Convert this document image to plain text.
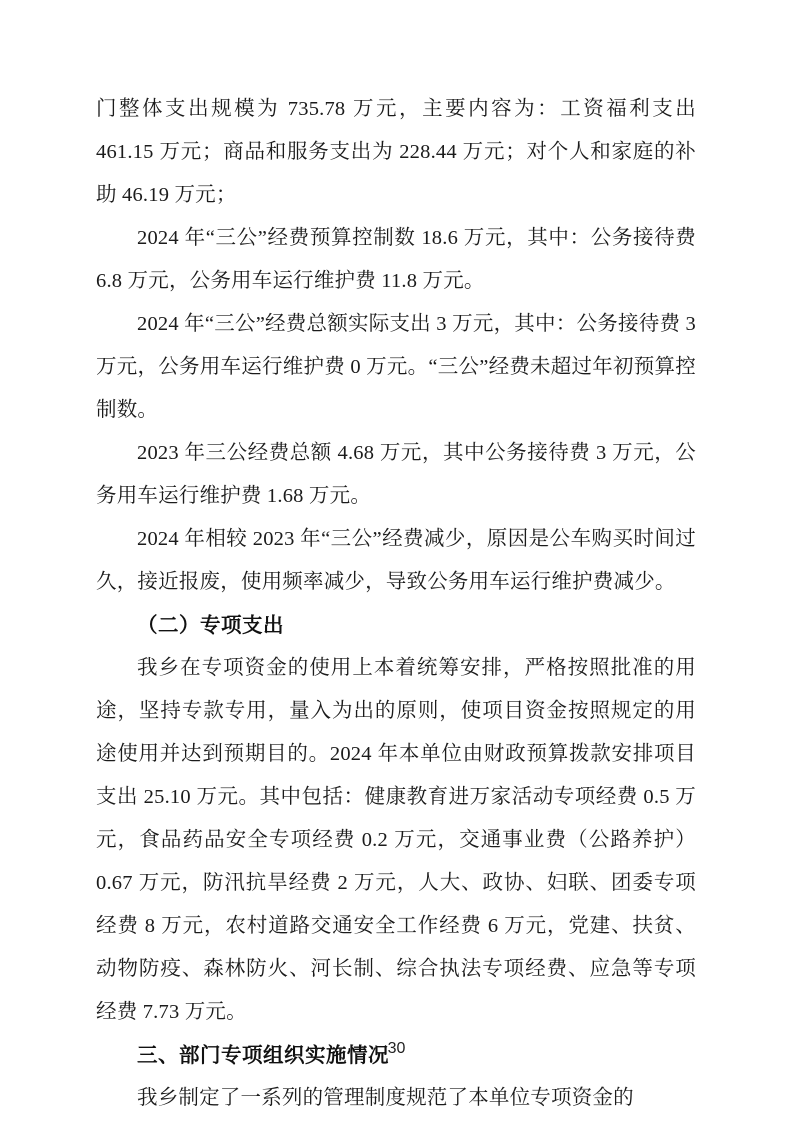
门整体支出规模为 735.78 万元，主要内容为：工资福利支出 461.15 万元；商品和服务支出为 228.44 万元；对个人和家庭的补助 46.19 万元；

2024 年“三公”经费预算控制数 18.6 万元，其中：公务接待费 6.8 万元，公务用车运行维护费 11.8 万元。

2024 年“三公”经费总额实际支出 3 万元，其中：公务接待费 3 万元，公务用车运行维护费 0 万元。“三公”经费未超过年初预算控制数。

2023 年三公经费总额 4.68 万元，其中公务接待费 3 万元，公务用车运行维护费 1.68 万元。

2024 年相较 2023 年“三公”经费减少，原因是公车购买时间过久，接近报废，使用频率减少，导致公务用车运行维护费减少。

（二）专项支出

我乡在专项资金的使用上本着统筹安排，严格按照批准的用途，坚持专款专用，量入为出的原则，使项目资金按照规定的用途使用并达到预期目的。2024 年本单位由财政预算拨款安排项目支出 25.10 万元。其中包括：健康教育进万家活动专项经费 0.5 万元，食品药品安全专项经费 0.2 万元，交通事业费（公路养护）0.67 万元，防汛抗旱经费 2 万元，人大、政协、妇联、团委专项经费 8 万元，农村道路交通安全工作经费 6 万元，党建、扶贫、动物防疫、森林防火、河长制、综合执法专项经费、应急等专项经费 7.73 万元。

三、部门专项组织实施情况

我乡制定了一系列的管理制度规范了本单位专项资金的

30
